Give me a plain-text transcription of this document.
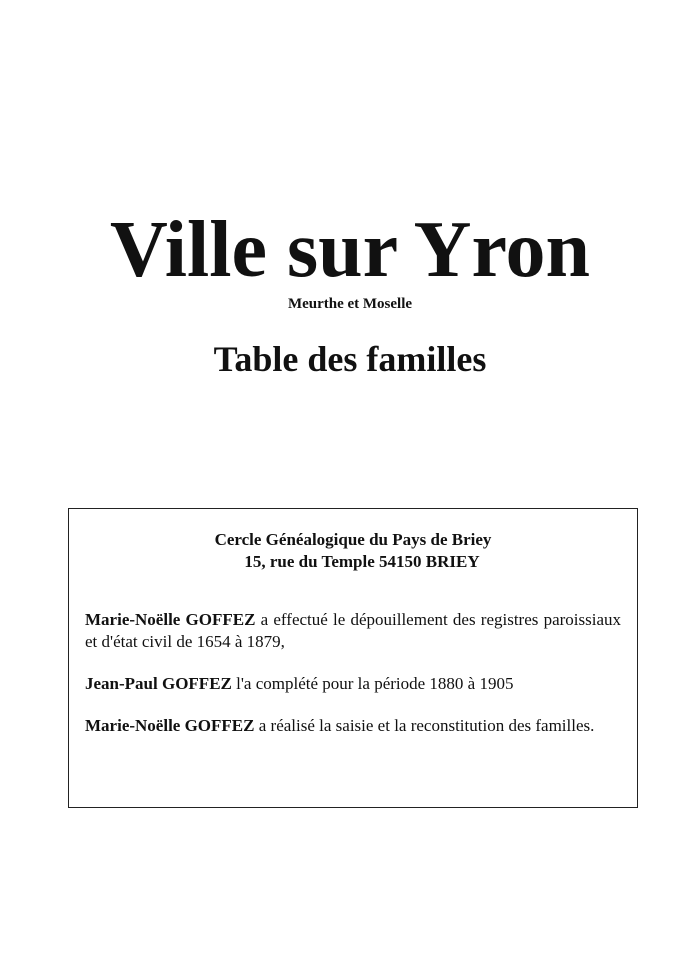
Ville sur Yron
Meurthe et Moselle
Table des familles
Cercle Généalogique du Pays de Briey
15, rue du Temple 54150 BRIEY

Marie-Noëlle GOFFEZ a effectué le dépouillement des registres paroissiaux et d'état civil de 1654 à 1879,

Jean-Paul GOFFEZ l'a complété pour la période 1880 à 1905

Marie-Noëlle GOFFEZ a réalisé la saisie et la reconstitution des familles.
